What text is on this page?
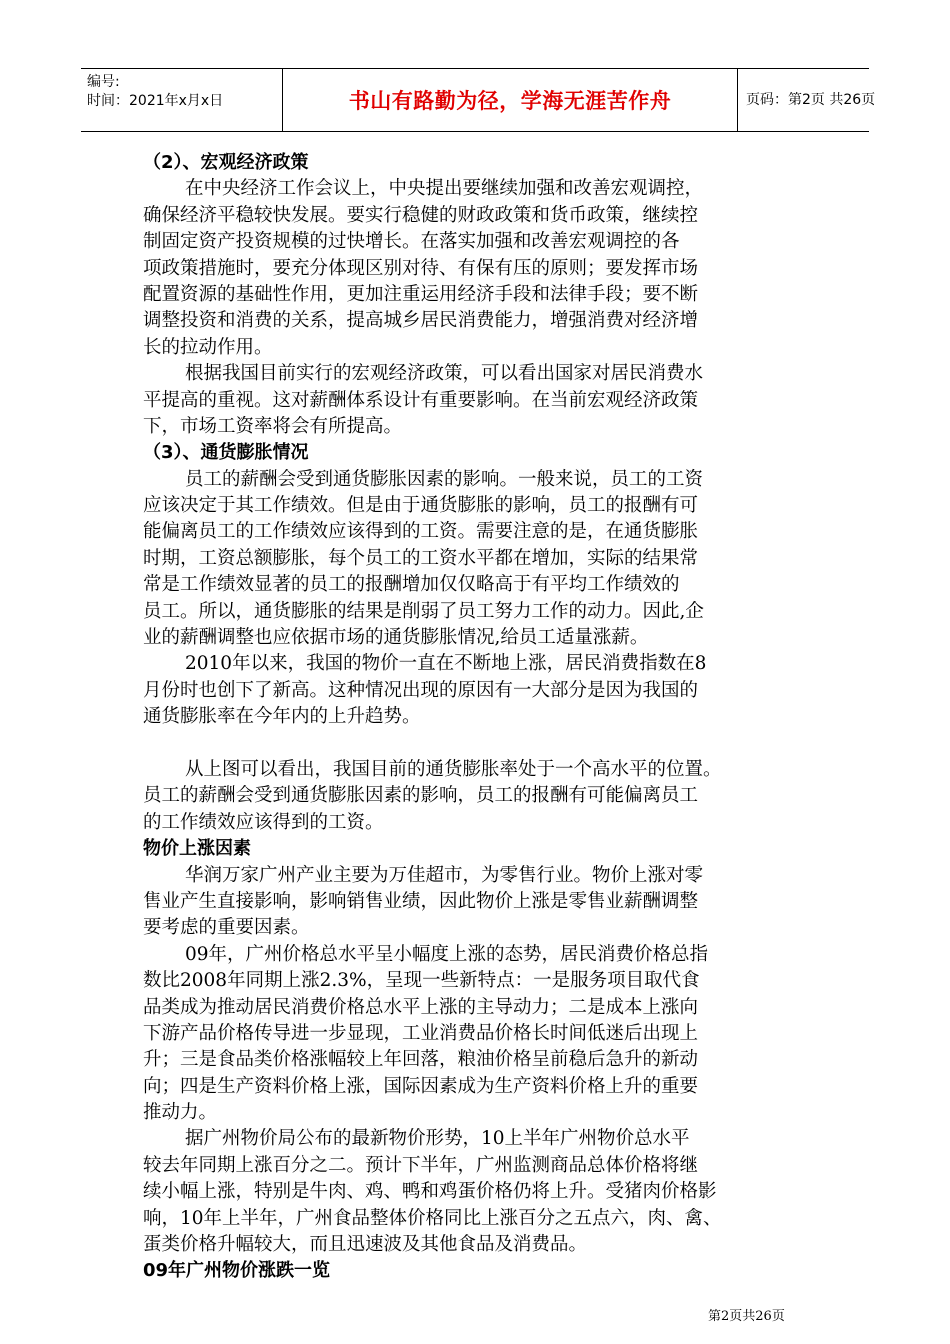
编号:
时间：2021年x月x日	书山有路勤为径，学海无涯苦作舟	页码：第2页 共26页
（2）、宏观经济政策
在中央经济工作会议上，中央提出要继续加强和改善宏观调控，
确保经济平稳较快发展。要实行稳健的财政政策和货币政策，继续控
制固定资产投资规模的过快增长。在落实加强和改善宏观调控的各
项政策措施时，要充分体现区别对待、有保有压的原则；要发挥市场
配置资源的基础性作用，更加注重运用经济手段和法律手段；要不断
调整投资和消费的关系，提高城乡居民消费能力，增强消费对经济增
长的拉动作用。
根据我国目前实行的宏观经济政策，可以看出国家对居民消费水
平提高的重视。这对薪酬体系设计有重要影响。在当前宏观经济政策
下，市场工资率将会有所提高。
（3）、通货膨胀情况
员工的薪酬会受到通货膨胀因素的影响。一般来说，员工的工资
应该决定于其工作绩效。但是由于通货膨胀的影响，员工的报酬有可
能偏离员工的工作绩效应该得到的工资。需要注意的是，在通货膨胀
时期，工资总额膨胀，每个员工的工资水平都在增加，实际的结果常
常是工作绩效显著的员工的报酬增加仅仅略高于有平均工作绩效的
员工。所以，通货膨胀的结果是削弱了员工努力工作的动力。因此,企
业的薪酬调整也应依据市场的通货膨胀情况,给员工适量涨薪。
2010年以来，我国的物价一直在不断地上涨，居民消费指数在8
月份时也创下了新高。这种情况出现的原因有一大部分是因为我国的
通货膨胀率在今年内的上升趋势。
从上图可以看出，我国目前的通货膨胀率处于一个高水平的位置。
员工的薪酬会受到通货膨胀因素的影响，员工的报酬有可能偏离员工
的工作绩效应该得到的工资。
物价上涨因素
华润万家广州产业主要为万佳超市，为零售行业。物价上涨对零
售业产生直接影响，影响销售业绩，因此物价上涨是零售业薪酬调整
要考虑的重要因素。
09年，广州价格总水平呈小幅度上涨的态势，居民消费价格总指
数比2008年同期上涨2.3%，呈现一些新特点：一是服务项目取代食
品类成为推动居民消费价格总水平上涨的主导动力；二是成本上涨向
下游产品价格传导进一步显现，工业消费品价格长时间低迷后出现上
升；三是食品类价格涨幅较上年回落，粮油价格呈前稳后急升的新动
向；四是生产资料价格上涨，国际因素成为生产资料价格上升的重要
推动力。
据广州物价局公布的最新物价形势，10上半年广州物价总水平
较去年同期上涨百分之二。预计下半年，广州监测商品总体价格将继
续小幅上涨，特别是牛肉、鸡、鸭和鸡蛋价格仍将上升。受猪肉价格影
响，10年上半年，广州食品整体价格同比上涨百分之五点六，肉、禽、
蛋类价格升幅较大，而且迅速波及其他食品及消费品。
09年广州物价涨跌一览
第2页共26页
